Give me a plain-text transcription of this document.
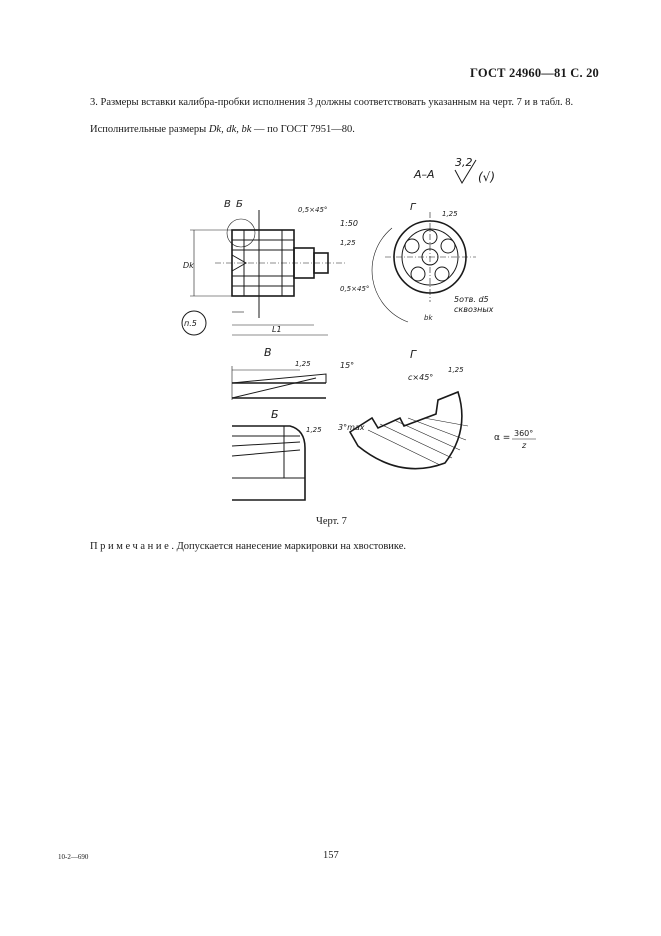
ГОСТ 24960—81 С. 20
3. Размеры вставки калибра-пробки исполнения 3 должны соответствовать указанным на черт. 7 и в табл. 8.
Исполнительные размеры Dk, dk, bk — по ГОСТ 7951—80.
А–А
3,2
(√)
В Б	0,5×45°
1:50
1,25
0,5×45°
Dk
L1
п.5
Г
1,25
5отв. d5
сквозных
bk
В
1,25	15°
Б
1,25 3°max
Г
c×45°
1,25
α = 360°
z
Черт. 7
Примечание. Допускается нанесение маркировки на хвостовике.
10-2—690	157
